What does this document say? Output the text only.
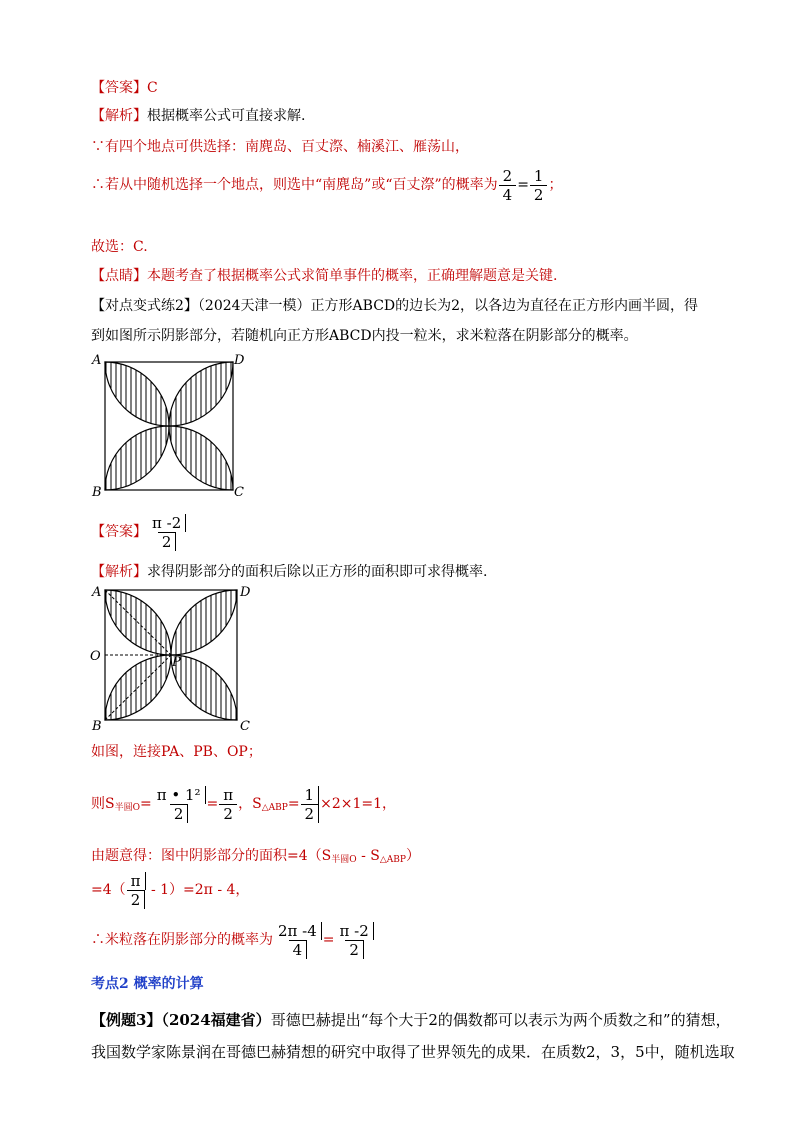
【答案】C
【解析】根据概率公式可直接求解.
∵有四个地点可供选择：南麂岛、百丈漈、楠溪江、雁荡山，
∴若从中随机选择一个地点，则选中“南麂岛”或“百丈漈”的概率为 $\frac{2}{4} = \frac{1}{2}$ ；
故选：C.
【点睛】本题考查了根据概率公式求简单事件的概率，正确理解题意是关键.
【对点变式练2】（2024天津一模）正方形ABCD的边长为2，以各边为直径在正方形内画半圆，得
到如图所示阴影部分，若随机向正方形ABCD内投一粒米，求米粒落在阴影部分的概率。
A	D
B	C
【答案】 $\frac{\pi -2}{2}$
【解析】求得阴影部分的面积后除以正方形的面积即可求得概率.
A	D
O	P
B	C
如图，连接PA、PB、OP；
则$S_{半圆O}= \frac{\text{π • 1²}}{2} = \frac{\pi}{2}$ ，$S_{\triangle ABP}= \frac{1}{2} \times 2\times 1=1$，
由题意得：图中阴影部分的面积$=4(S_{半圆O} - S_{\triangle ABP})$
$=4( \frac{\pi}{2} - 1)=2\pi - 4$，
∴米粒落在阴影部分的概率为 $\frac{2\pi -4}{4} = \frac{\pi -2}{2}$
考点2 概率的计算
【例题3】（2024福建省）哥德巴赫提出“每个大于2的偶数都可以表示为两个质数之和”的猜想，
我国数学家陈景润在哥德巴赫猜想的研究中取得了世界领先的成果．在质数2，3，5中，随机选取
